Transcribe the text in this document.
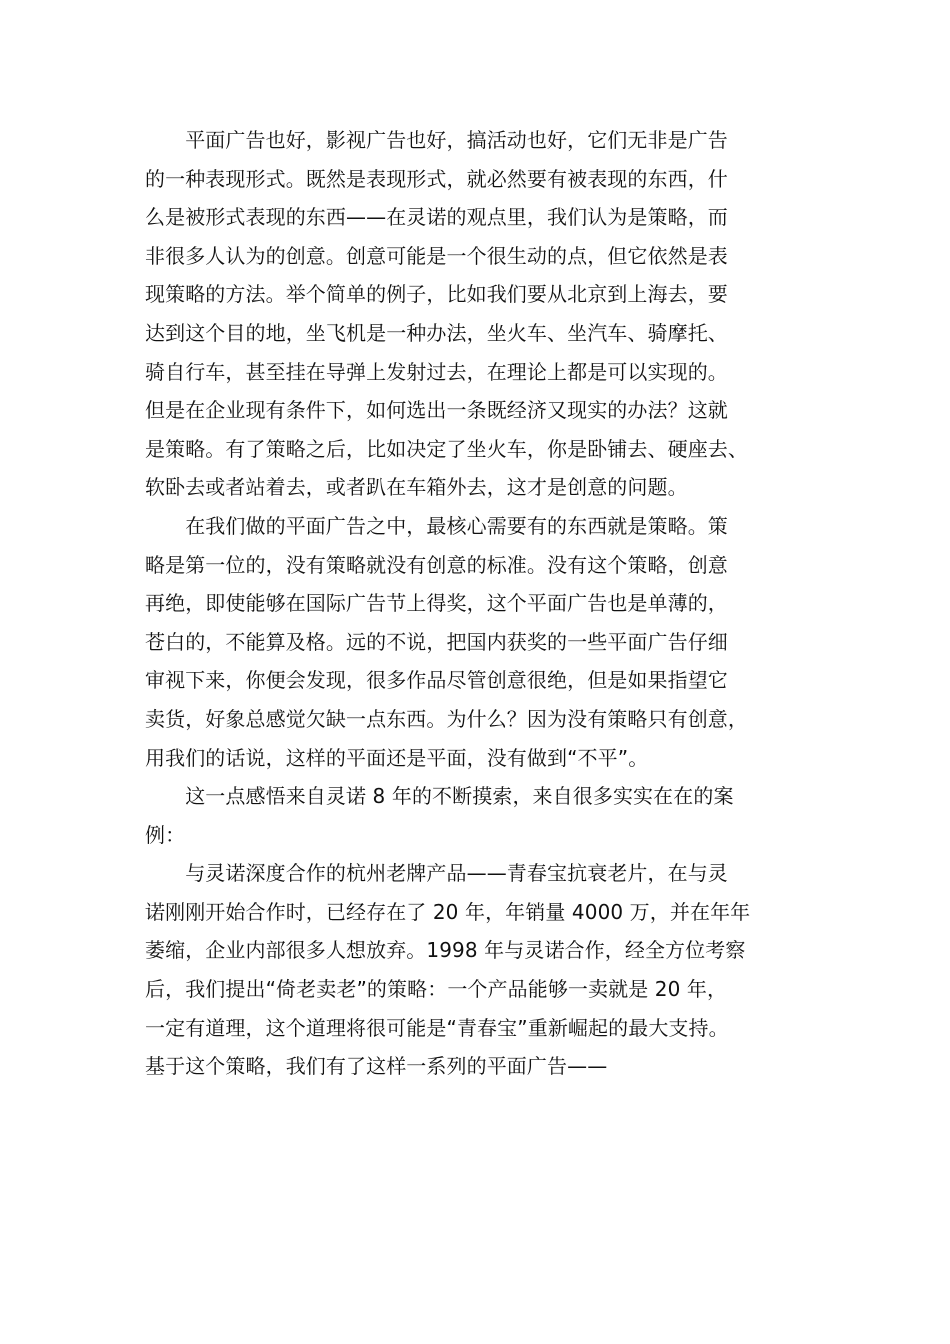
　　平面广告也好，影视广告也好，搞活动也好，它们无非是广告
的一种表现形式。既然是表现形式，就必然要有被表现的东西，什
么是被形式表现的东西——在灵诺的观点里，我们认为是策略，而
非很多人认为的创意。创意可能是一个很生动的点，但它依然是表
现策略的方法。举个简单的例子，比如我们要从北京到上海去，要
达到这个目的地，坐飞机是一种办法，坐火车、坐汽车、骑摩托、
骑自行车，甚至挂在导弹上发射过去，在理论上都是可以实现的。
但是在企业现有条件下，如何选出一条既经济又现实的办法？这就
是策略。有了策略之后，比如决定了坐火车，你是卧铺去、硬座去、
软卧去或者站着去，或者趴在车箱外去，这才是创意的问题。

　　在我们做的平面广告之中，最核心需要有的东西就是策略。策
略是第一位的，没有策略就没有创意的标准。没有这个策略，创意
再绝，即使能够在国际广告节上得奖，这个平面广告也是单薄的，
苍白的，不能算及格。远的不说，把国内获奖的一些平面广告仔细
审视下来，你便会发现，很多作品尽管创意很绝，但是如果指望它
卖货，好象总感觉欠缺一点东西。为什么？因为没有策略只有创意，
用我们的话说，这样的平面还是平面，没有做到“不平”。

　　这一点感悟来自灵诺 8 年的不断摸索，来自很多实实在在的案
例：

　　与灵诺深度合作的杭州老牌产品——青春宝抗衰老片，在与灵
诺刚刚开始合作时，已经存在了 20 年，年销量 4000 万，并在年年
萎缩，企业内部很多人想放弃。1998 年与灵诺合作，经全方位考察
后，我们提出“倚老卖老”的策略：一个产品能够一卖就是 20 年，
一定有道理，这个道理将很可能是“青春宝”重新崛起的最大支持。
基于这个策略，我们有了这样一系列的平面广告——
